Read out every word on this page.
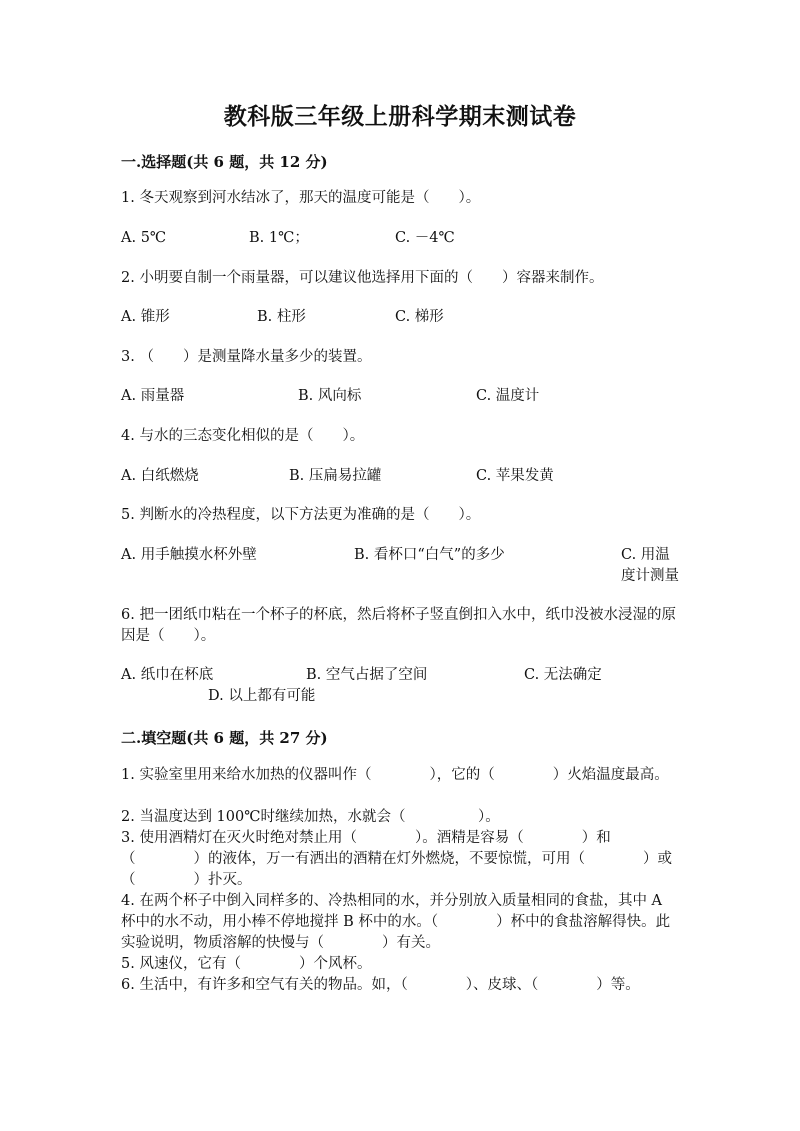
教科版三年级上册科学期末测试卷
一.选择题(共 6 题，共 12 分)
1. 冬天观察到河水结冰了，那天的温度可能是（　　）。
A. 5℃	B. 1℃；	C. －4℃
2. 小明要自制一个雨量器，可以建议他选择用下面的（　　）容器来制作。
A. 锥形	B. 柱形	C. 梯形
3. （　　）是测量降水量多少的装置。
A. 雨量器	B. 风向标	C. 温度计
4. 与水的三态变化相似的是（　　）。
A. 白纸燃烧	B. 压扁易拉罐	C. 苹果发黄
5. 判断水的冷热程度，以下方法更为准确的是（　　）。
A. 用手触摸水杯外壁	B. 看杯口“白气”的多少	C. 用温度计测量
6. 把一团纸巾粘在一个杯子的杯底，然后将杯子竖直倒扣入水中，纸巾没被水浸湿的原因是（　　）。
A. 纸巾在杯底	B. 空气占据了空间	C. 无法确定
D. 以上都有可能
二.填空题(共 6 题，共 27 分)
1. 实验室里用来给水加热的仪器叫作（　　　　），它的（　　　　）火焰温度最高。
2. 当温度达到 100℃时继续加热，水就会（　　　　　）。
3. 使用酒精灯在灭火时绝对禁止用（　　　　）。酒精是容易（　　　　）和（　　　　）的液体，万一有洒出的酒精在灯外燃烧，不要惊慌，可用（　　　　）或（　　　　）扑灭。
4. 在两个杯子中倒入同样多的、冷热相同的水，并分别放入质量相同的食盐，其中 A 杯中的水不动，用小棒不停地搅拌 B 杯中的水。（　　　　）杯中的食盐溶解得快。此实验说明，物质溶解的快慢与（　　　　）有关。
5. 风速仪，它有（　　　　）个风杯。
6. 生活中，有许多和空气有关的物品。如，（　　　　）、皮球、（　　　　）等。
